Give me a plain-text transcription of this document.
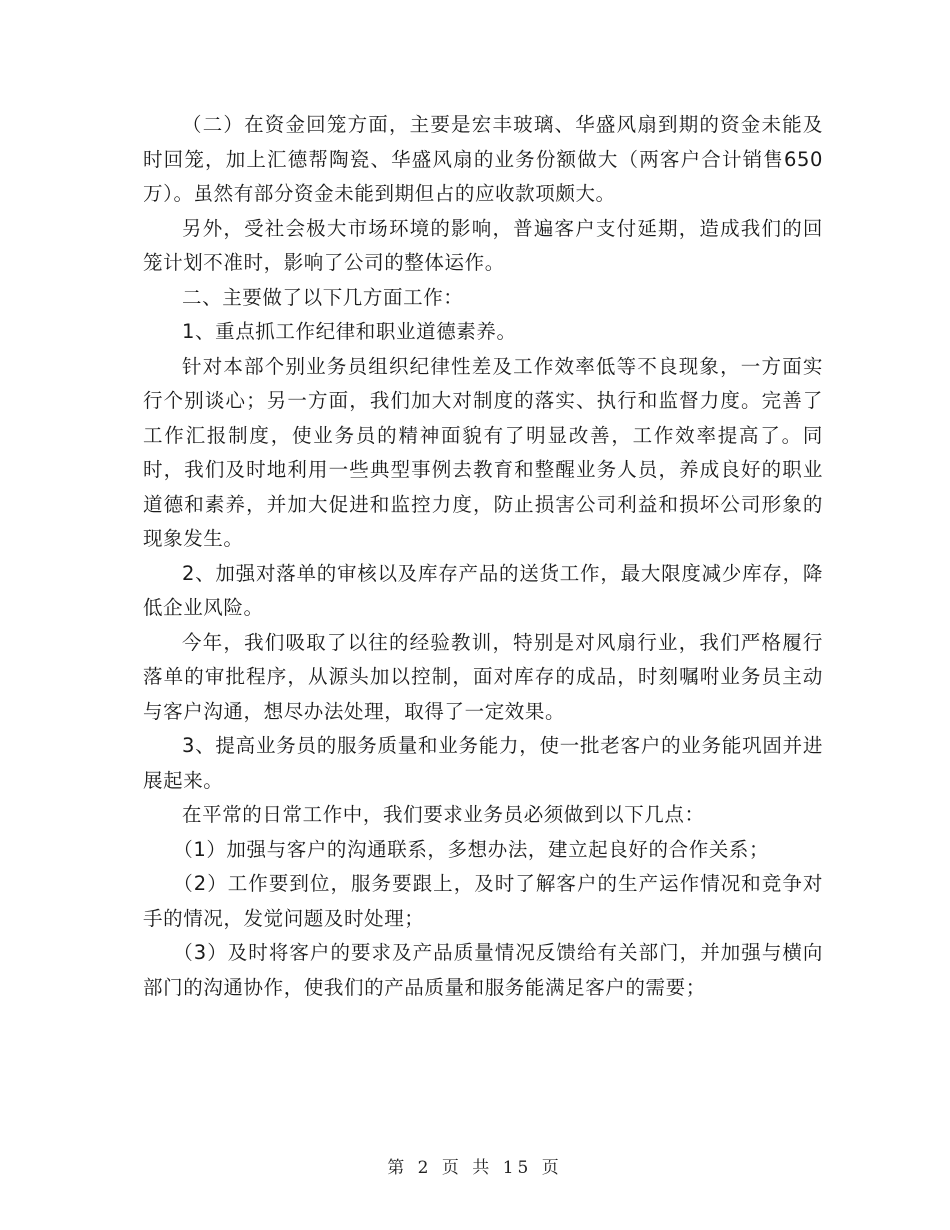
（二）在资金回笼方面，主要是宏丰玻璃、华盛风扇到期的资金未能及时回笼，加上汇德帮陶瓷、华盛风扇的业务份额做大（两客户合计销售650万）。虽然有部分资金未能到期但占的应收款项颇大。

另外，受社会极大市场环境的影响，普遍客户支付延期，造成我们的回笼计划不准时，影响了公司的整体运作。

二、主要做了以下几方面工作：

1、重点抓工作纪律和职业道德素养。

针对本部个别业务员组织纪律性差及工作效率低等不良现象，一方面实行个别谈心；另一方面，我们加大对制度的落实、执行和监督力度。完善了工作汇报制度，使业务员的精神面貌有了明显改善，工作效率提高了。同时，我们及时地利用一些典型事例去教育和整醒业务人员，养成良好的职业道德和素养，并加大促进和监控力度，防止损害公司利益和损坏公司形象的现象发生。

2、加强对落单的审核以及库存产品的送货工作，最大限度减少库存，降低企业风险。

今年，我们吸取了以往的经验教训，特别是对风扇行业，我们严格履行落单的审批程序，从源头加以控制，面对库存的成品，时刻嘱咐业务员主动与客户沟通，想尽办法处理，取得了一定效果。

3、提高业务员的服务质量和业务能力，使一批老客户的业务能巩固并进展起来。

在平常的日常工作中，我们要求业务员必须做到以下几点：

（1）加强与客户的沟通联系，多想办法，建立起良好的合作关系；

（2）工作要到位，服务要跟上，及时了解客户的生产运作情况和竞争对手的情况，发觉问题及时处理；

（3）及时将客户的要求及产品质量情况反馈给有关部门，并加强与横向部门的沟通协作，使我们的产品质量和服务能满足客户的需要；

第 2 页 共 15 页
